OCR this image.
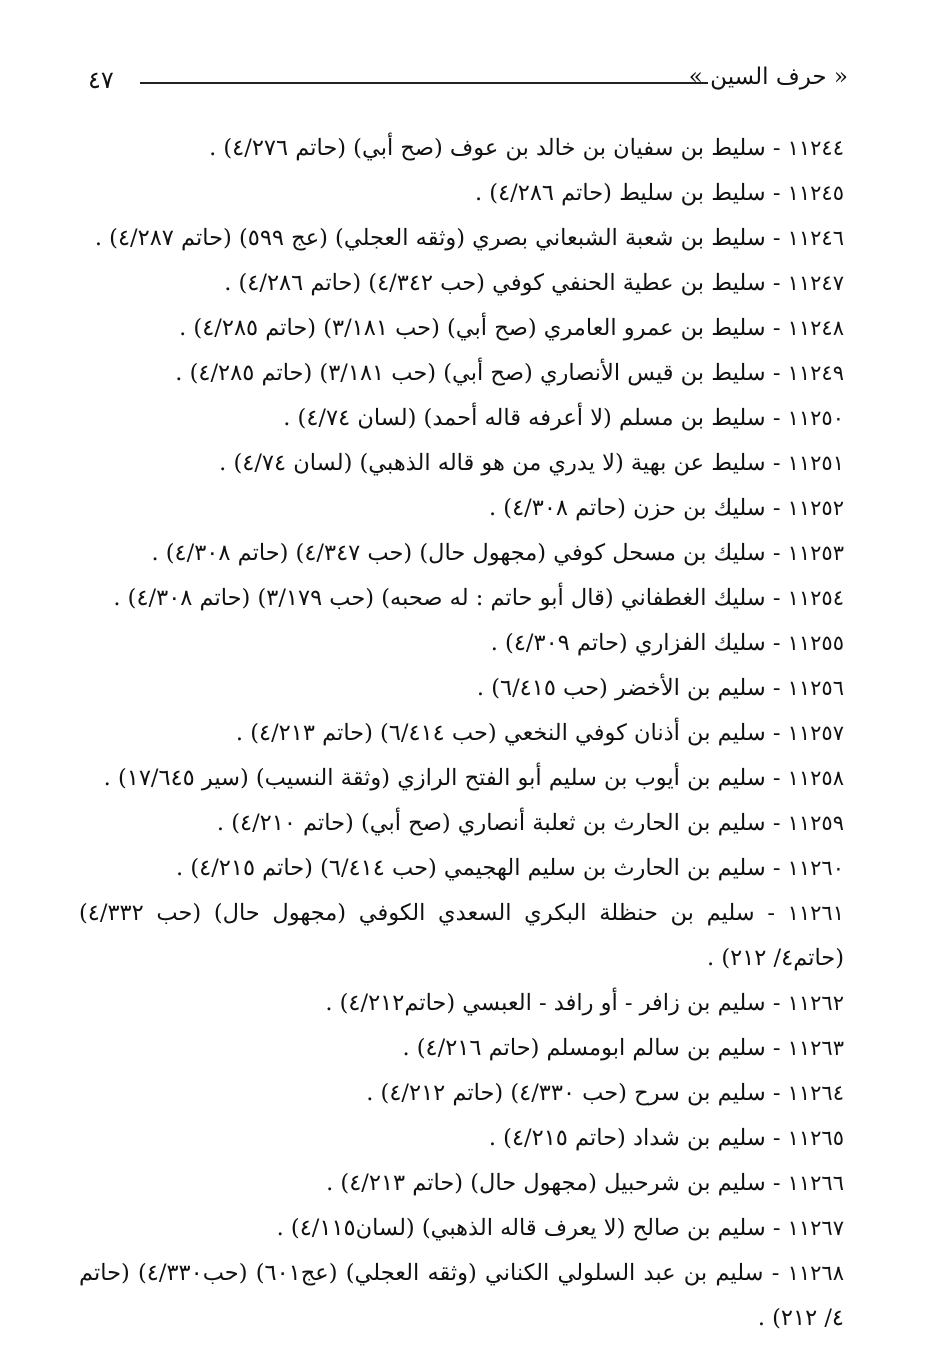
٤٧	« حرف السين »
١١٢٤٤ - سليط بن سفيان بن خالد بن عوف (صح أبي) (حاتم ٤/٢٧٦) .
١١٢٤٥ - سليط بن سليط (حاتم ٤/٢٨٦) .
١١٢٤٦ - سليط بن شعبة الشبعاني بصري (وثقه العجلي) (عج ٥٩٩) (حاتم ٤/٢٨٧) .
١١٢٤٧ - سليط بن عطية الحنفي كوفي (حب ٤/٣٤٢) (حاتم ٤/٢٨٦) .
١١٢٤٨ - سليط بن عمرو العامري (صح أبي) (حب ٣/١٨١) (حاتم ٤/٢٨٥) .
١١٢٤٩ - سليط بن قيس الأنصاري (صح أبي) (حب ٣/١٨١) (حاتم ٤/٢٨٥) .
١١٢٥٠ - سليط بن مسلم (لا أعرفه قاله أحمد) (لسان ٤/٧٤) .
١١٢٥١ - سليط عن بهية (لا يدري من هو قاله الذهبي) (لسان ٤/٧٤) .
١١٢٥٢ - سليك بن حزن (حاتم ٤/٣٠٨) .
١١٢٥٣ - سليك بن مسحل كوفي (مجهول حال) (حب ٤/٣٤٧) (حاتم ٤/٣٠٨) .
١١٢٥٤ - سليك الغطفاني (قال أبو حاتم : له صحبه) (حب ٣/١٧٩) (حاتم ٤/٣٠٨) .
١١٢٥٥ - سليك الفزاري (حاتم ٤/٣٠٩) .
١١٢٥٦ - سليم بن الأخضر (حب ٦/٤١٥) .
١١٢٥٧ - سليم بن أذنان كوفي النخعي (حب ٦/٤١٤) (حاتم ٤/٢١٣) .
١١٢٥٨ - سليم بن أيوب بن سليم أبو الفتح الرازي (وثقة النسيب) (سير ١٧/٦٤٥) .
١١٢٥٩ - سليم بن الحارث بن ثعلبة أنصاري (صح أبي) (حاتم ٤/٢١٠) .
١١٢٦٠ - سليم بن الحارث بن سليم الهجيمي (حب ٦/٤١٤) (حاتم ٤/٢١٥) .
١١٢٦١ - سليم بن حنظلة البكري السعدي الكوفي (مجهول حال) (حب ٤/٣٣٢) (حاتم٤/ ٢١٢) .
١١٢٦٢ - سليم بن زافر - أو رافد - العبسي (حاتم٤/٢١٢) .
١١٢٦٣ - سليم بن سالم ابومسلم (حاتم ٤/٢١٦) .
١١٢٦٤ - سليم بن سرح (حب ٤/٣٣٠) (حاتم ٤/٢١٢) .
١١٢٦٥ - سليم بن شداد (حاتم ٤/٢١٥) .
١١٢٦٦ - سليم بن شرحبيل (مجهول حال) (حاتم ٤/٢١٣) .
١١٢٦٧ - سليم بن صالح (لا يعرف قاله الذهبي) (لسان٤/١١٥) .
١١٢٦٨ - سليم بن عبد السلولي الكناني (وثقه العجلي) (عج٦٠١) (حب٤/٣٣٠) (حاتم ٤/ ٢١٢) .
